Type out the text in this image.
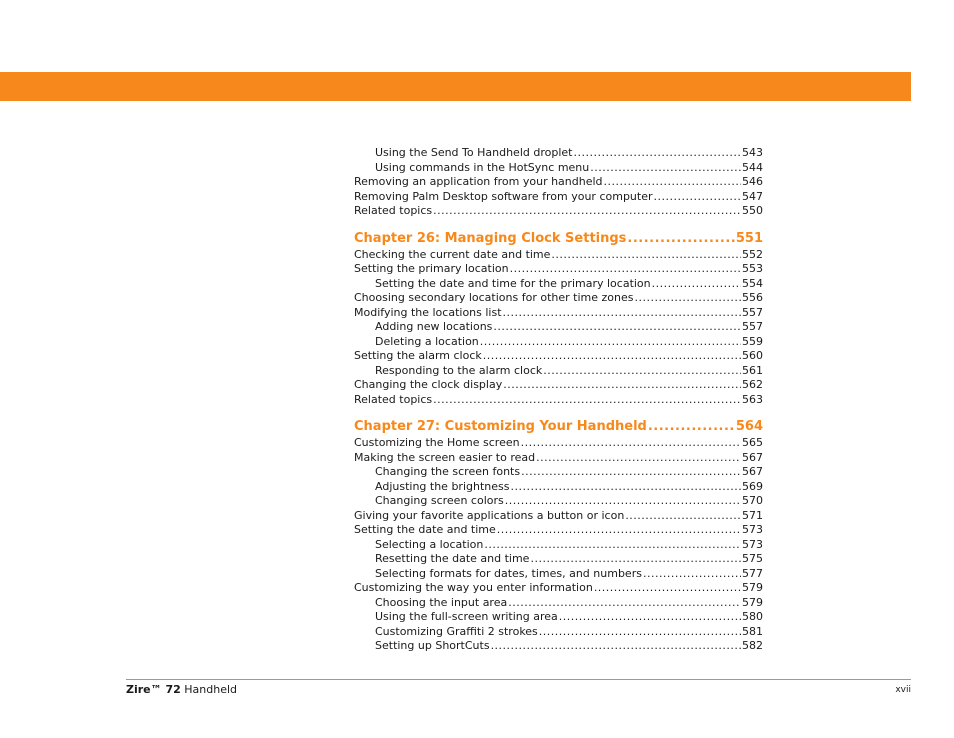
Using the Send To Handheld droplet .....	543
Using commands in the HotSync menu .....	544
Removing an application from your handheld .....	546
Removing Palm Desktop software from your computer .....	547
Related topics .....	550
Chapter 26: Managing Clock Settings .....	551
Checking the current date and time .....	552
Setting the primary location .....	553
Setting the date and time for the primary location .....	554
Choosing secondary locations for other time zones .....	556
Modifying the locations list .....	557
Adding new locations .....	557
Deleting a location .....	559
Setting the alarm clock .....	560
Responding to the alarm clock .....	561
Changing the clock display .....	562
Related topics .....	563
Chapter 27: Customizing Your Handheld .....	564
Customizing the Home screen .....	565
Making the screen easier to read .....	567
Changing the screen fonts .....	567
Adjusting the brightness .....	569
Changing screen colors .....	570
Giving your favorite applications a button or icon .....	571
Setting the date and time .....	573
Selecting a location .....	573
Resetting the date and time .....	575
Selecting formats for dates, times, and numbers .....	577
Customizing the way you enter information .....	579
Choosing the input area .....	579
Using the full-screen writing area .....	580
Customizing Graffiti 2 strokes .....	581
Setting up ShortCuts .....	582
Zire™ 72 Handheld	xvii
